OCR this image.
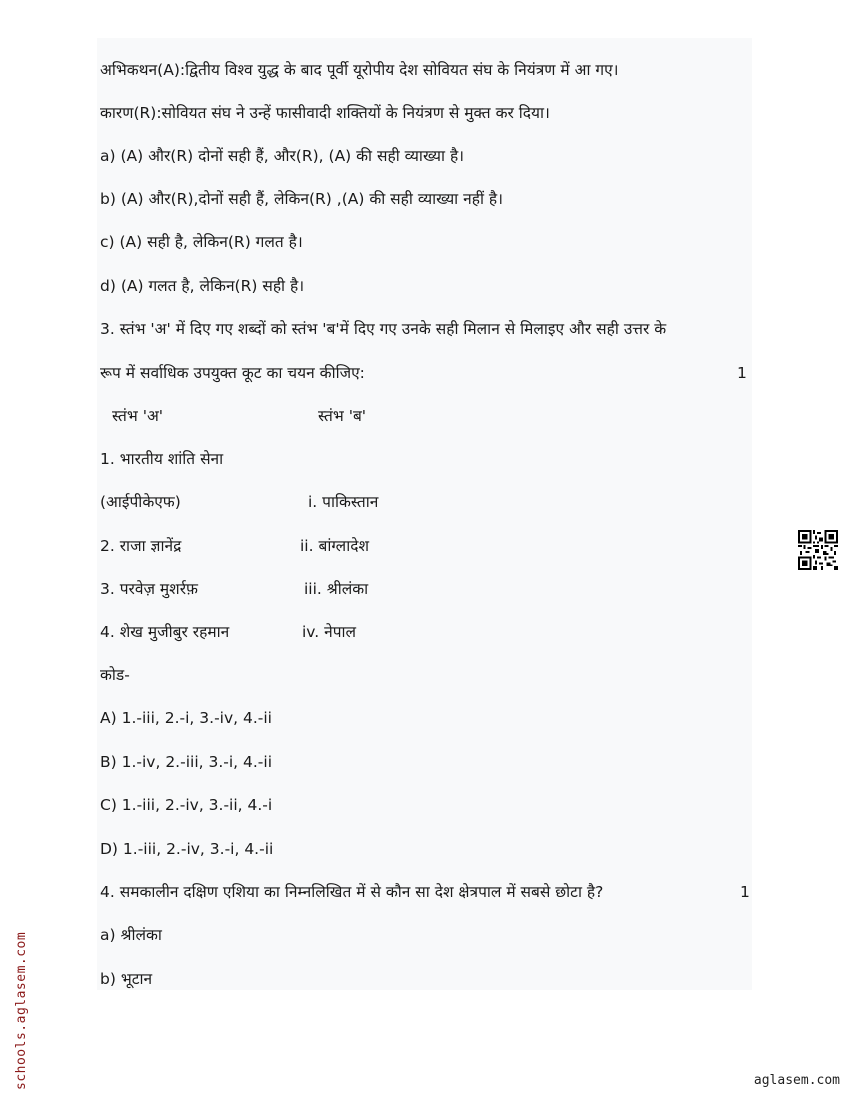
अभिकथन(A):द्वितीय विश्व युद्ध के बाद पूर्वी यूरोपीय देश सोवियत संघ के नियंत्रण में आ गए।
कारण(R):सोवियत संघ ने उन्हें फासीवादी शक्तियों के नियंत्रण से मुक्त कर दिया।
a) (A) और(R) दोनों सही हैं, और(R), (A) की सही व्याख्या है।
b) (A) और(R),दोनों सही हैं, लेकिन(R) ,(A) की सही व्याख्या नहीं है।
c) (A) सही है, लेकिन(R) गलत है।
d) (A) गलत है, लेकिन(R) सही है।
3. स्तंभ 'अ' में दिए गए शब्दों को स्तंभ 'ब'में दिए गए उनके सही मिलान से मिलाइए और सही उत्तर के
रूप में सर्वाधिक उपयुक्त कूट का चयन कीजिए:	1
स्तंभ 'अ'	स्तंभ 'ब'
1. भारतीय शांति सेना
(आईपीकेएफ)	i. पाकिस्तान
2. राजा ज्ञानेंद्र	ii. बांग्लादेश
3. परवेज़ मुशर्रफ़	iii. श्रीलंका
4. शेख मुजीबुर रहमान	iv. नेपाल
कोड-
A) 1.-iii, 2.-i, 3.-iv, 4.-ii
B) 1.-iv, 2.-iii, 3.-i, 4.-ii
C) 1.-iii, 2.-iv, 3.-ii, 4.-i
D) 1.-iii, 2.-iv, 3.-i, 4.-ii
4. समकालीन दक्षिण एशिया का निम्नलिखित में से कौन सा देश क्षेत्रपाल में सबसे छोटा है?	1
a) श्रीलंका
b) भूटान
schools.aglasem.com	aglasem.com
